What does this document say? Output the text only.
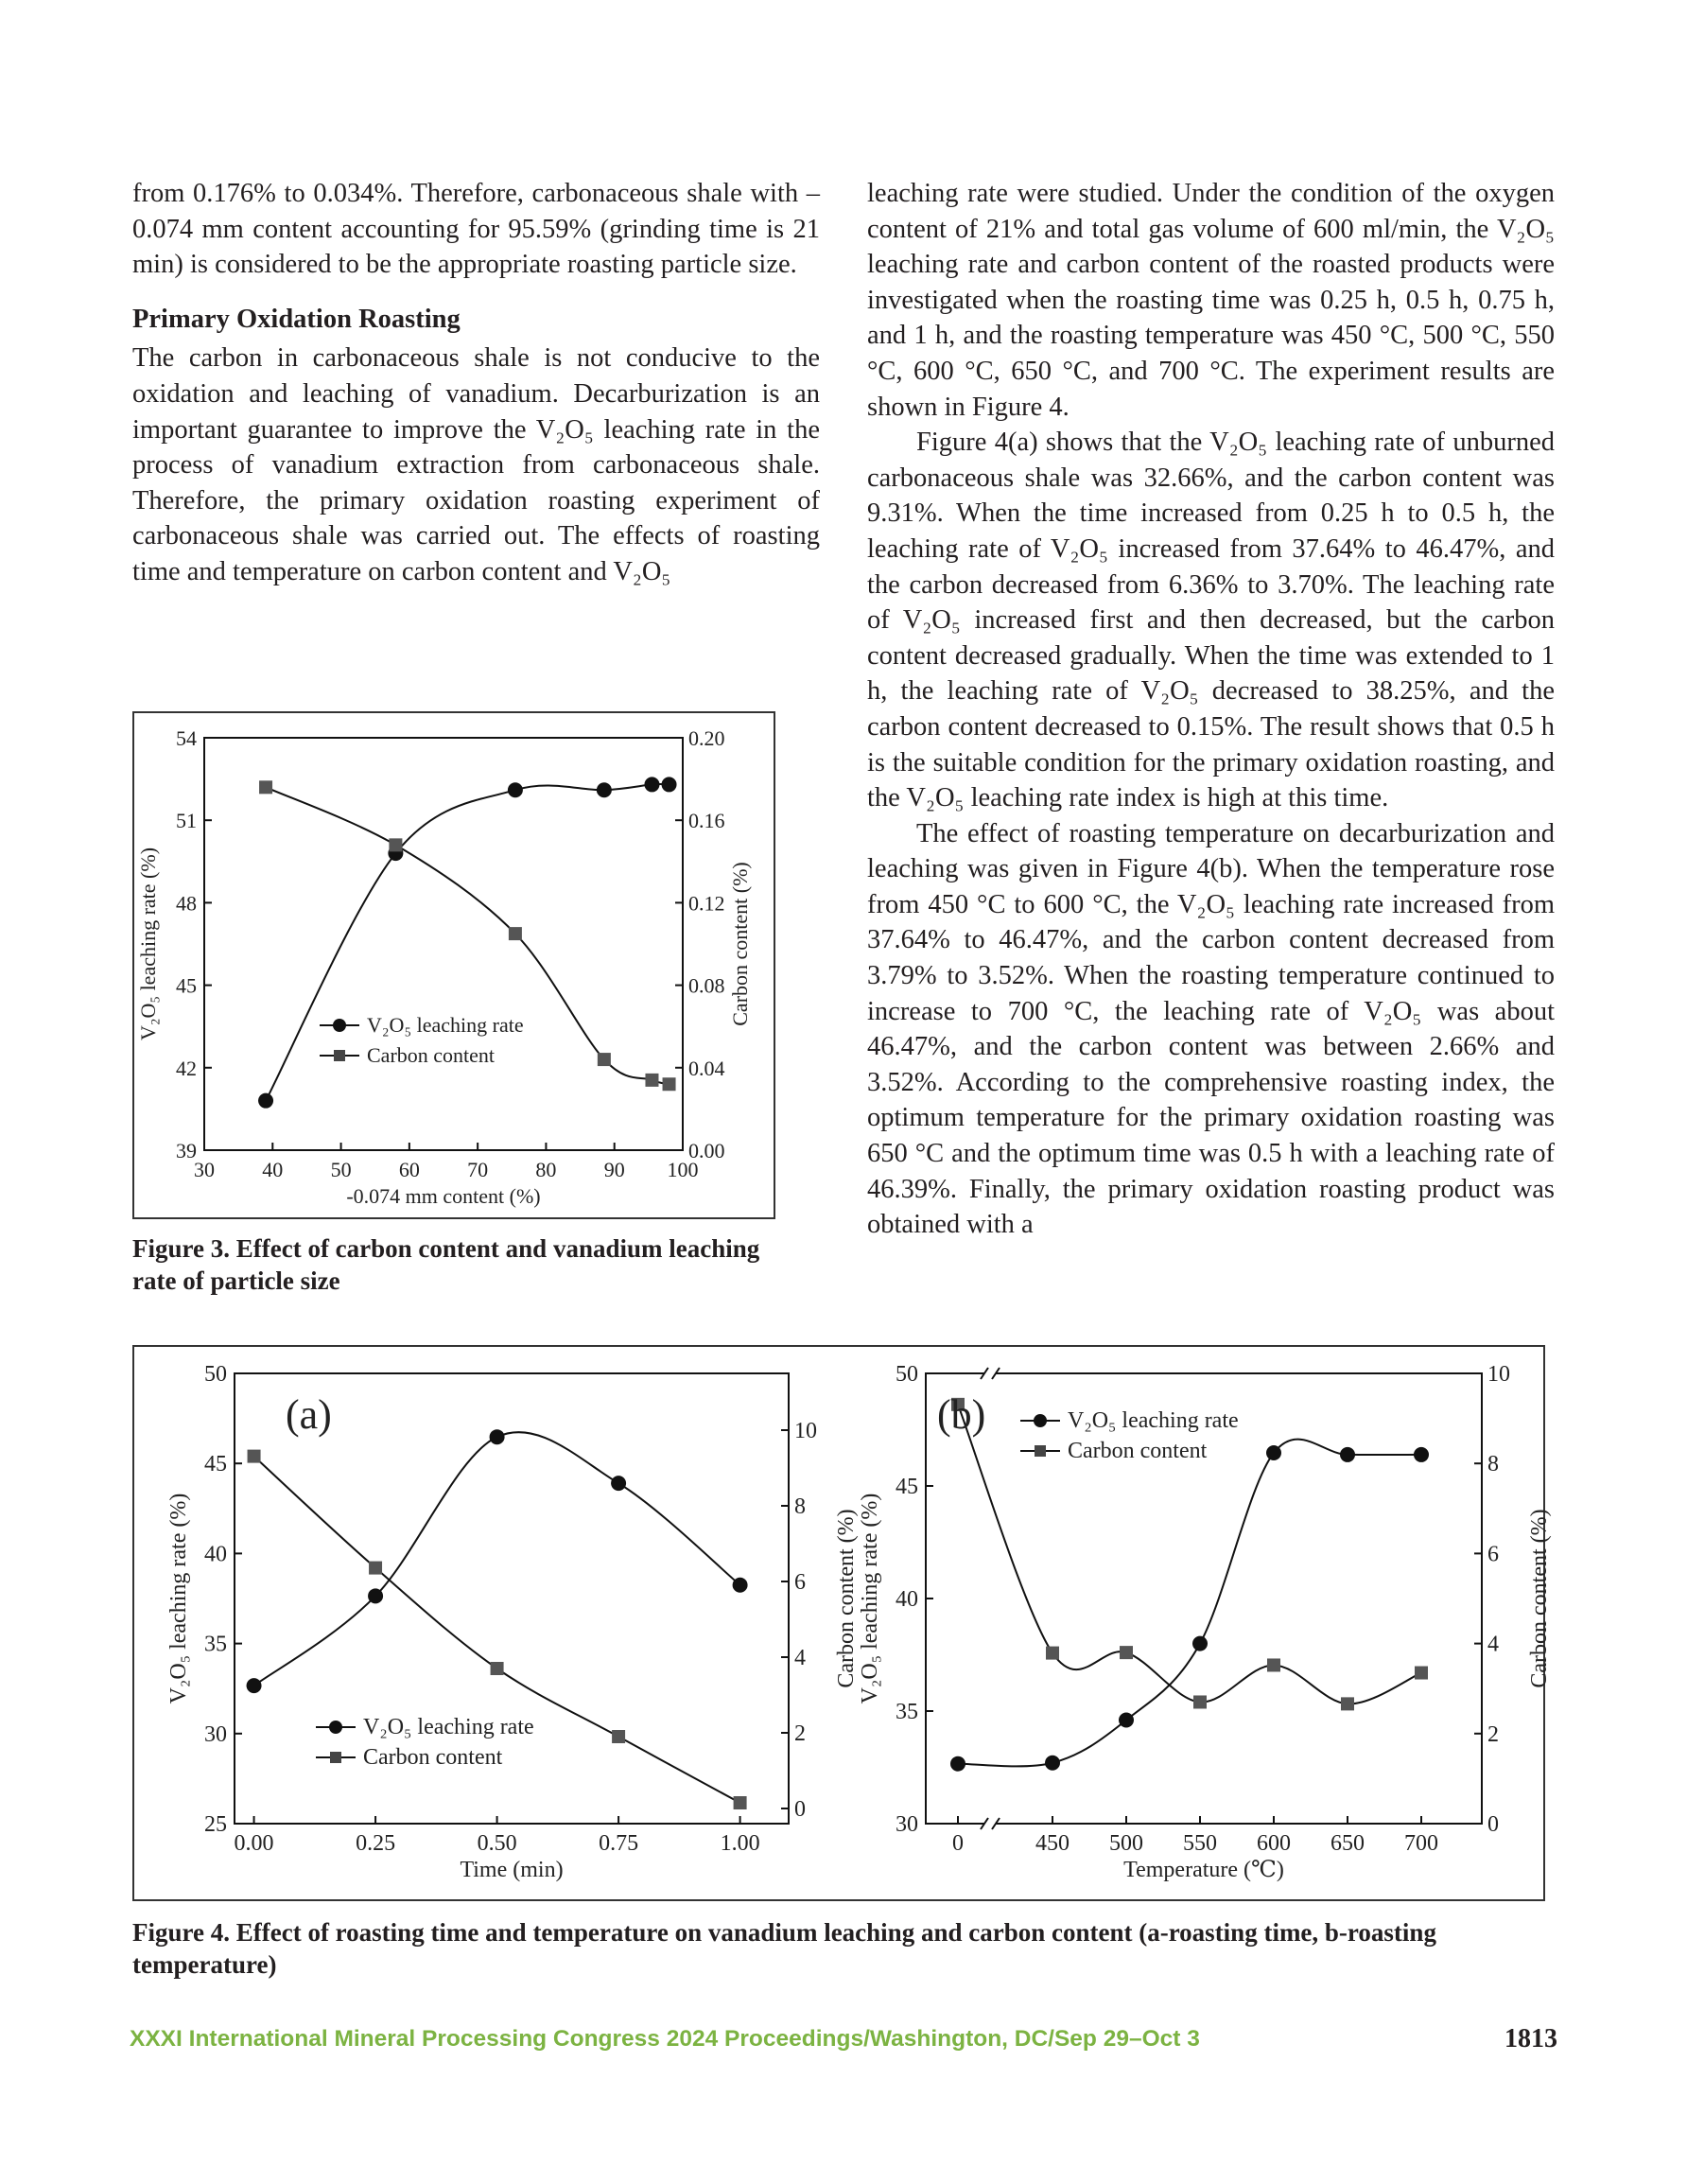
from 0.176% to 0.034%. Therefore, carbonaceous shale with –0.074 mm content accounting for 95.59% (grinding time is 21 min) is considered to be the appropriate roasting particle size.

Primary Oxidation Roasting

The carbon in carbonaceous shale is not conducive to the oxidation and leaching of vanadium. Decarburization is an important guarantee to improve the V₂O₅ leaching rate in the process of vanadium extraction from carbonaceous shale. Therefore, the primary oxidation roasting experiment of carbonaceous shale was carried out. The effects of roasting time and temperature on carbon content and V₂O₅

leaching rate were studied. Under the condition of the oxygen content of 21% and total gas volume of 600 ml/min, the V₂O₅ leaching rate and carbon content of the roasted products were investigated when the roasting time was 0.25 h, 0.5 h, 0.75 h, and 1 h, and the roasting temperature was 450 °C, 500 °C, 550 °C, 600 °C, 650 °C, and 700 °C. The experiment results are shown in Figure 4.

Figure 4(a) shows that the V₂O₅ leaching rate of unburned carbonaceous shale was 32.66%, and the carbon content was 9.31%. When the time increased from 0.25 h to 0.5 h, the leaching rate of V₂O₅ increased from 37.64% to 46.47%, and the carbon decreased from 6.36% to 3.70%. The leaching rate of V₂O₅ increased first and then decreased, but the carbon content decreased gradually. When the time was extended to 1 h, the leaching rate of V₂O₅ decreased to 38.25%, and the carbon content decreased to 0.15%. The result shows that 0.5 h is the suitable condition for the primary oxidation roasting, and the V₂O₅ leaching rate index is high at this time.

The effect of roasting temperature on decarburization and leaching was given in Figure 4(b). When the temperature rose from 450 °C to 600 °C, the V₂O₅ leaching rate increased from 37.64% to 46.47%, and the carbon content decreased from 3.79% to 3.52%. When the roasting temperature continued to increase to 700 °C, the leaching rate of V₂O₅ was about 46.47%, and the carbon content was between 2.66% and 3.52%. According to the comprehensive roasting index, the optimum temperature for the primary oxidation roasting was 650 °C and the optimum time was 0.5 h with a leaching rate of 46.39%. Finally, the primary oxidation roasting product was obtained with a

39
42
45
48
51
54
0.00
0.04
0.08
0.12
0.16
0.20
30 40 50 60 70 80 90 100
-0.074 mm content (%)
V₂O₅ leaching rate (%)	Carbon content (%)
V₂O₅ leaching rate
Carbon content
Figure 3. Effect of carbon content and vanadium leaching rate of particle size
25
30
35
40
45
50
0
2
4
6
8
10
0.00	0.25	0.50	0.75	1.00
Time (min)
V₂O₅ leaching rate (%)	Carbon content (%)
(a)
V₂O₅ leaching rate
Carbon content
30
35
40
45
50
0
2
4
6
8
10
0	450 500 550 600 650 700
Temperature (℃)
V₂O₅ leaching rate (%)	Carbon content (%)
(b)	V₂O₅ leaching rate
Carbon content
Figure 4. Effect of roasting time and temperature on vanadium leaching and carbon content (a-roasting time, b-roasting temperature)
XXXI International Mineral Processing Congress 2024 Proceedings/Washington, DC/Sep 29–Oct 3	1813
